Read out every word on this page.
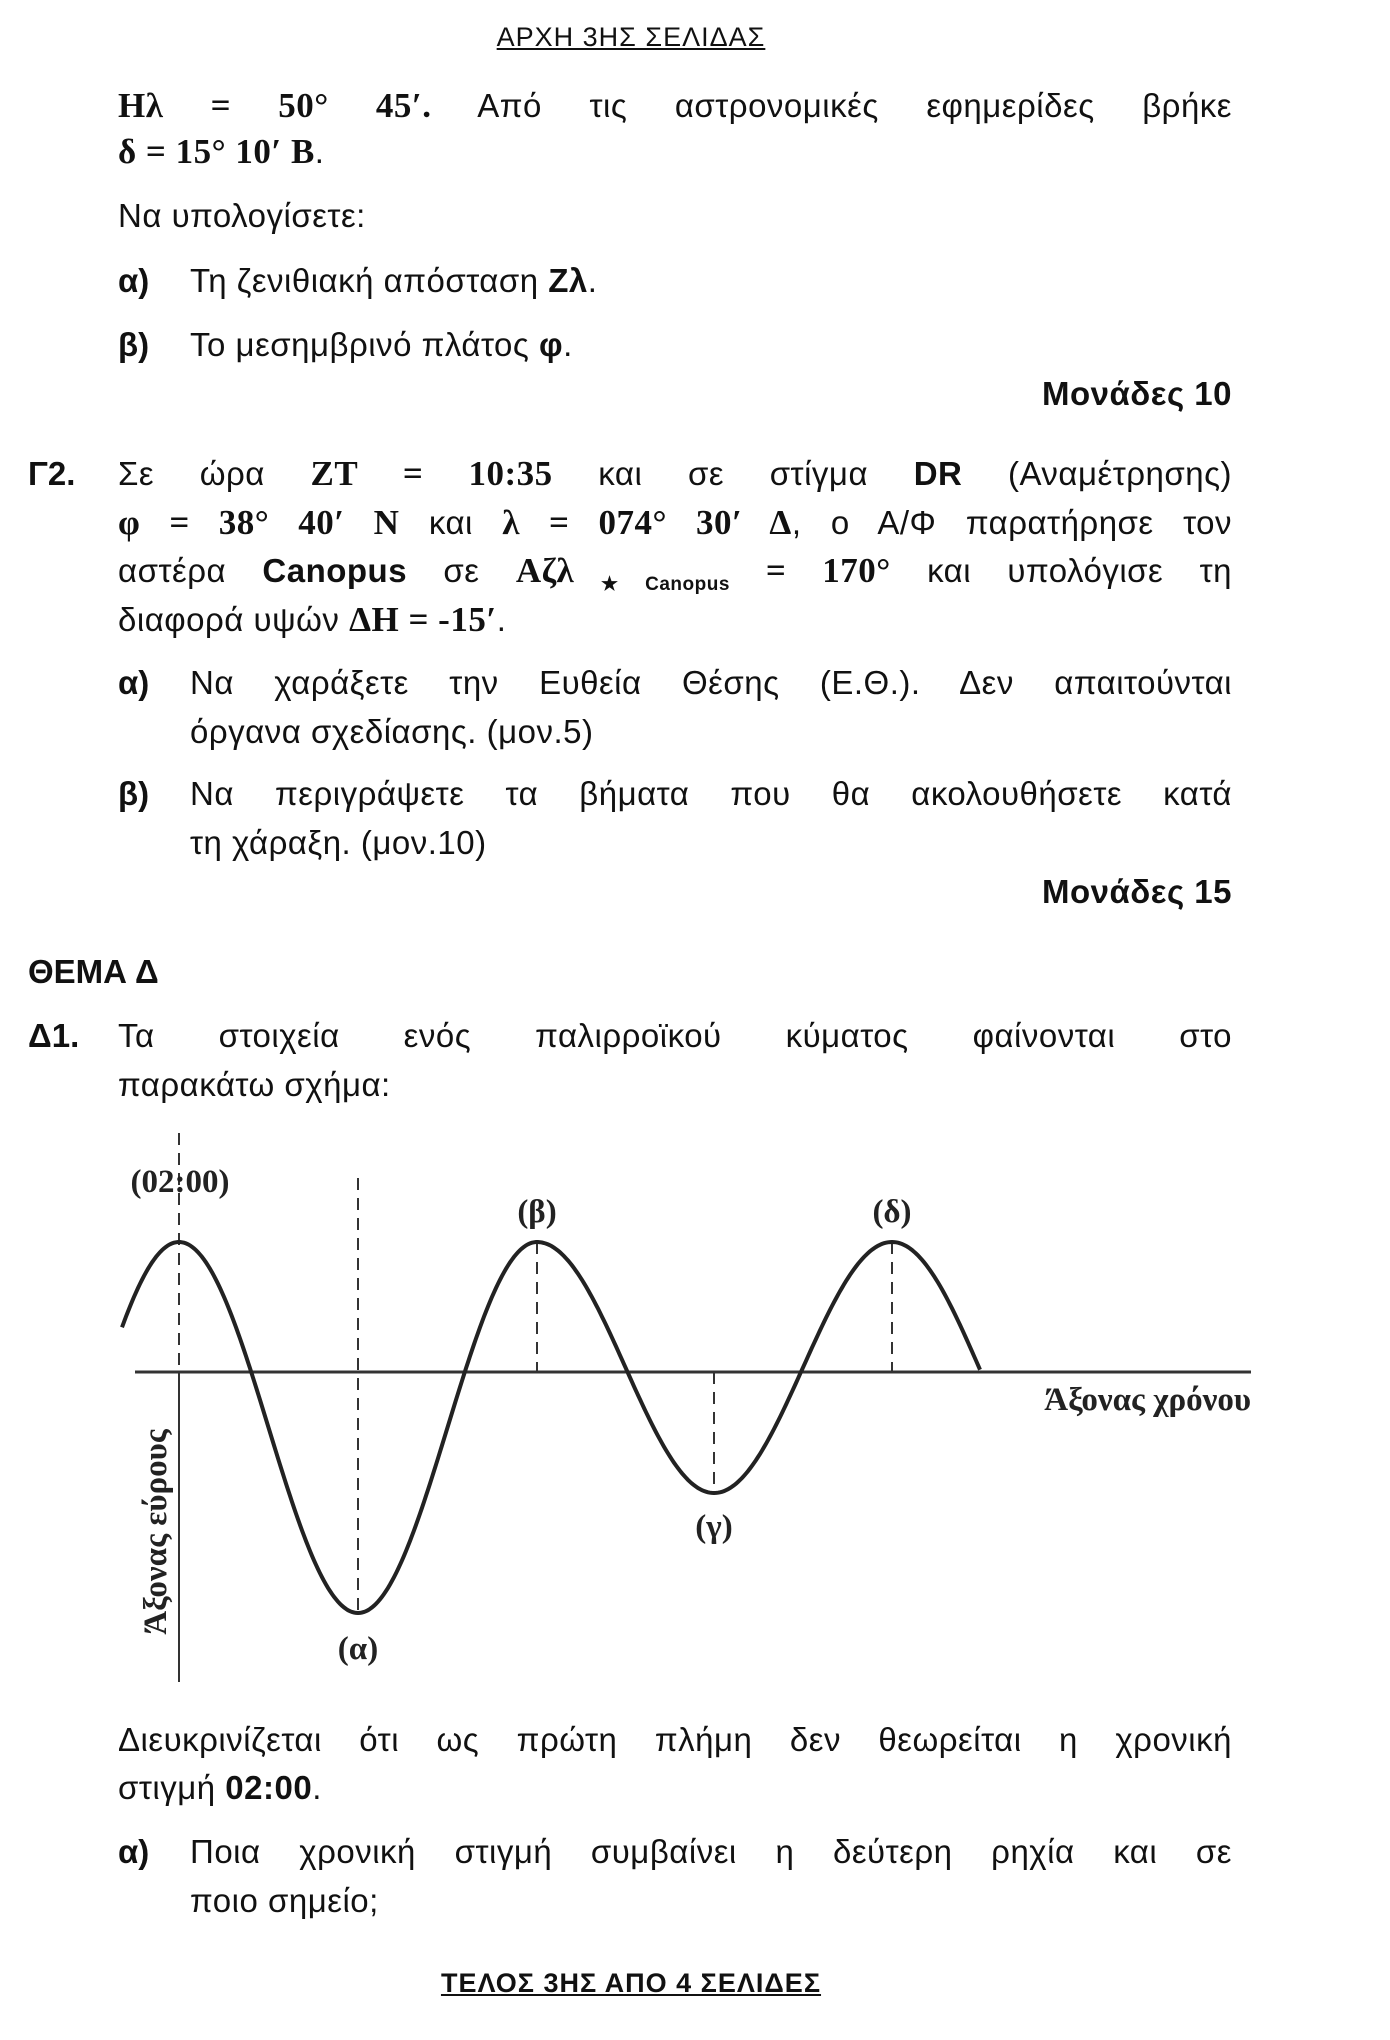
ΑΡΧΗ 3ΗΣ ΣΕΛΙΔΑΣ
Ηλ = 50° 45′. Από τις αστρονομικές εφημερίδες βρήκε
δ = 15° 10′ Β.
Να υπολογίσετε:
α) Τη ζενιθιακή απόσταση Ζλ.
β) Το μεσημβρινό πλάτος φ.
Μονάδες 10
Γ2. Σε ώρα ZT = 10:35 και σε στίγμα DR (Αναμέτρησης)
φ = 38° 40′ N και λ = 074° 30′ Δ, ο Α/Φ παρατήρησε τον
αστέρα Canopus σε Αζλ$_{★Canopus}$ = 170° και υπολόγισε τη
διαφορά υψών ΔΗ = -15′.
α) Να χαράξετε την Ευθεία Θέσης (Ε.Θ.). Δεν απαιτούνται
όργανα σχεδίασης. (μον.5)
β) Να περιγράψετε τα βήματα που θα ακολουθήσετε κατά
τη χάραξη. (μον.10)
Μονάδες 15
ΘΕΜΑ Δ
Δ1. Τα στοιχεία ενός παλιρροϊκού κύματος φαίνονται στο
παρακάτω σχήμα:
(02:00)
(β)	(δ)
(γ)
(α)
Άξονας χρόνου
Άξονας εύρους
Διευκρινίζεται ότι ως πρώτη πλήμη δεν θεωρείται η χρονική
στιγμή 02:00.
α) Ποια χρονική στιγμή συμβαίνει η δεύτερη ρηχία και σε
ποιο σημείο;
ΤΕΛΟΣ 3ΗΣ ΑΠΟ 4 ΣΕΛΙΔΕΣ
